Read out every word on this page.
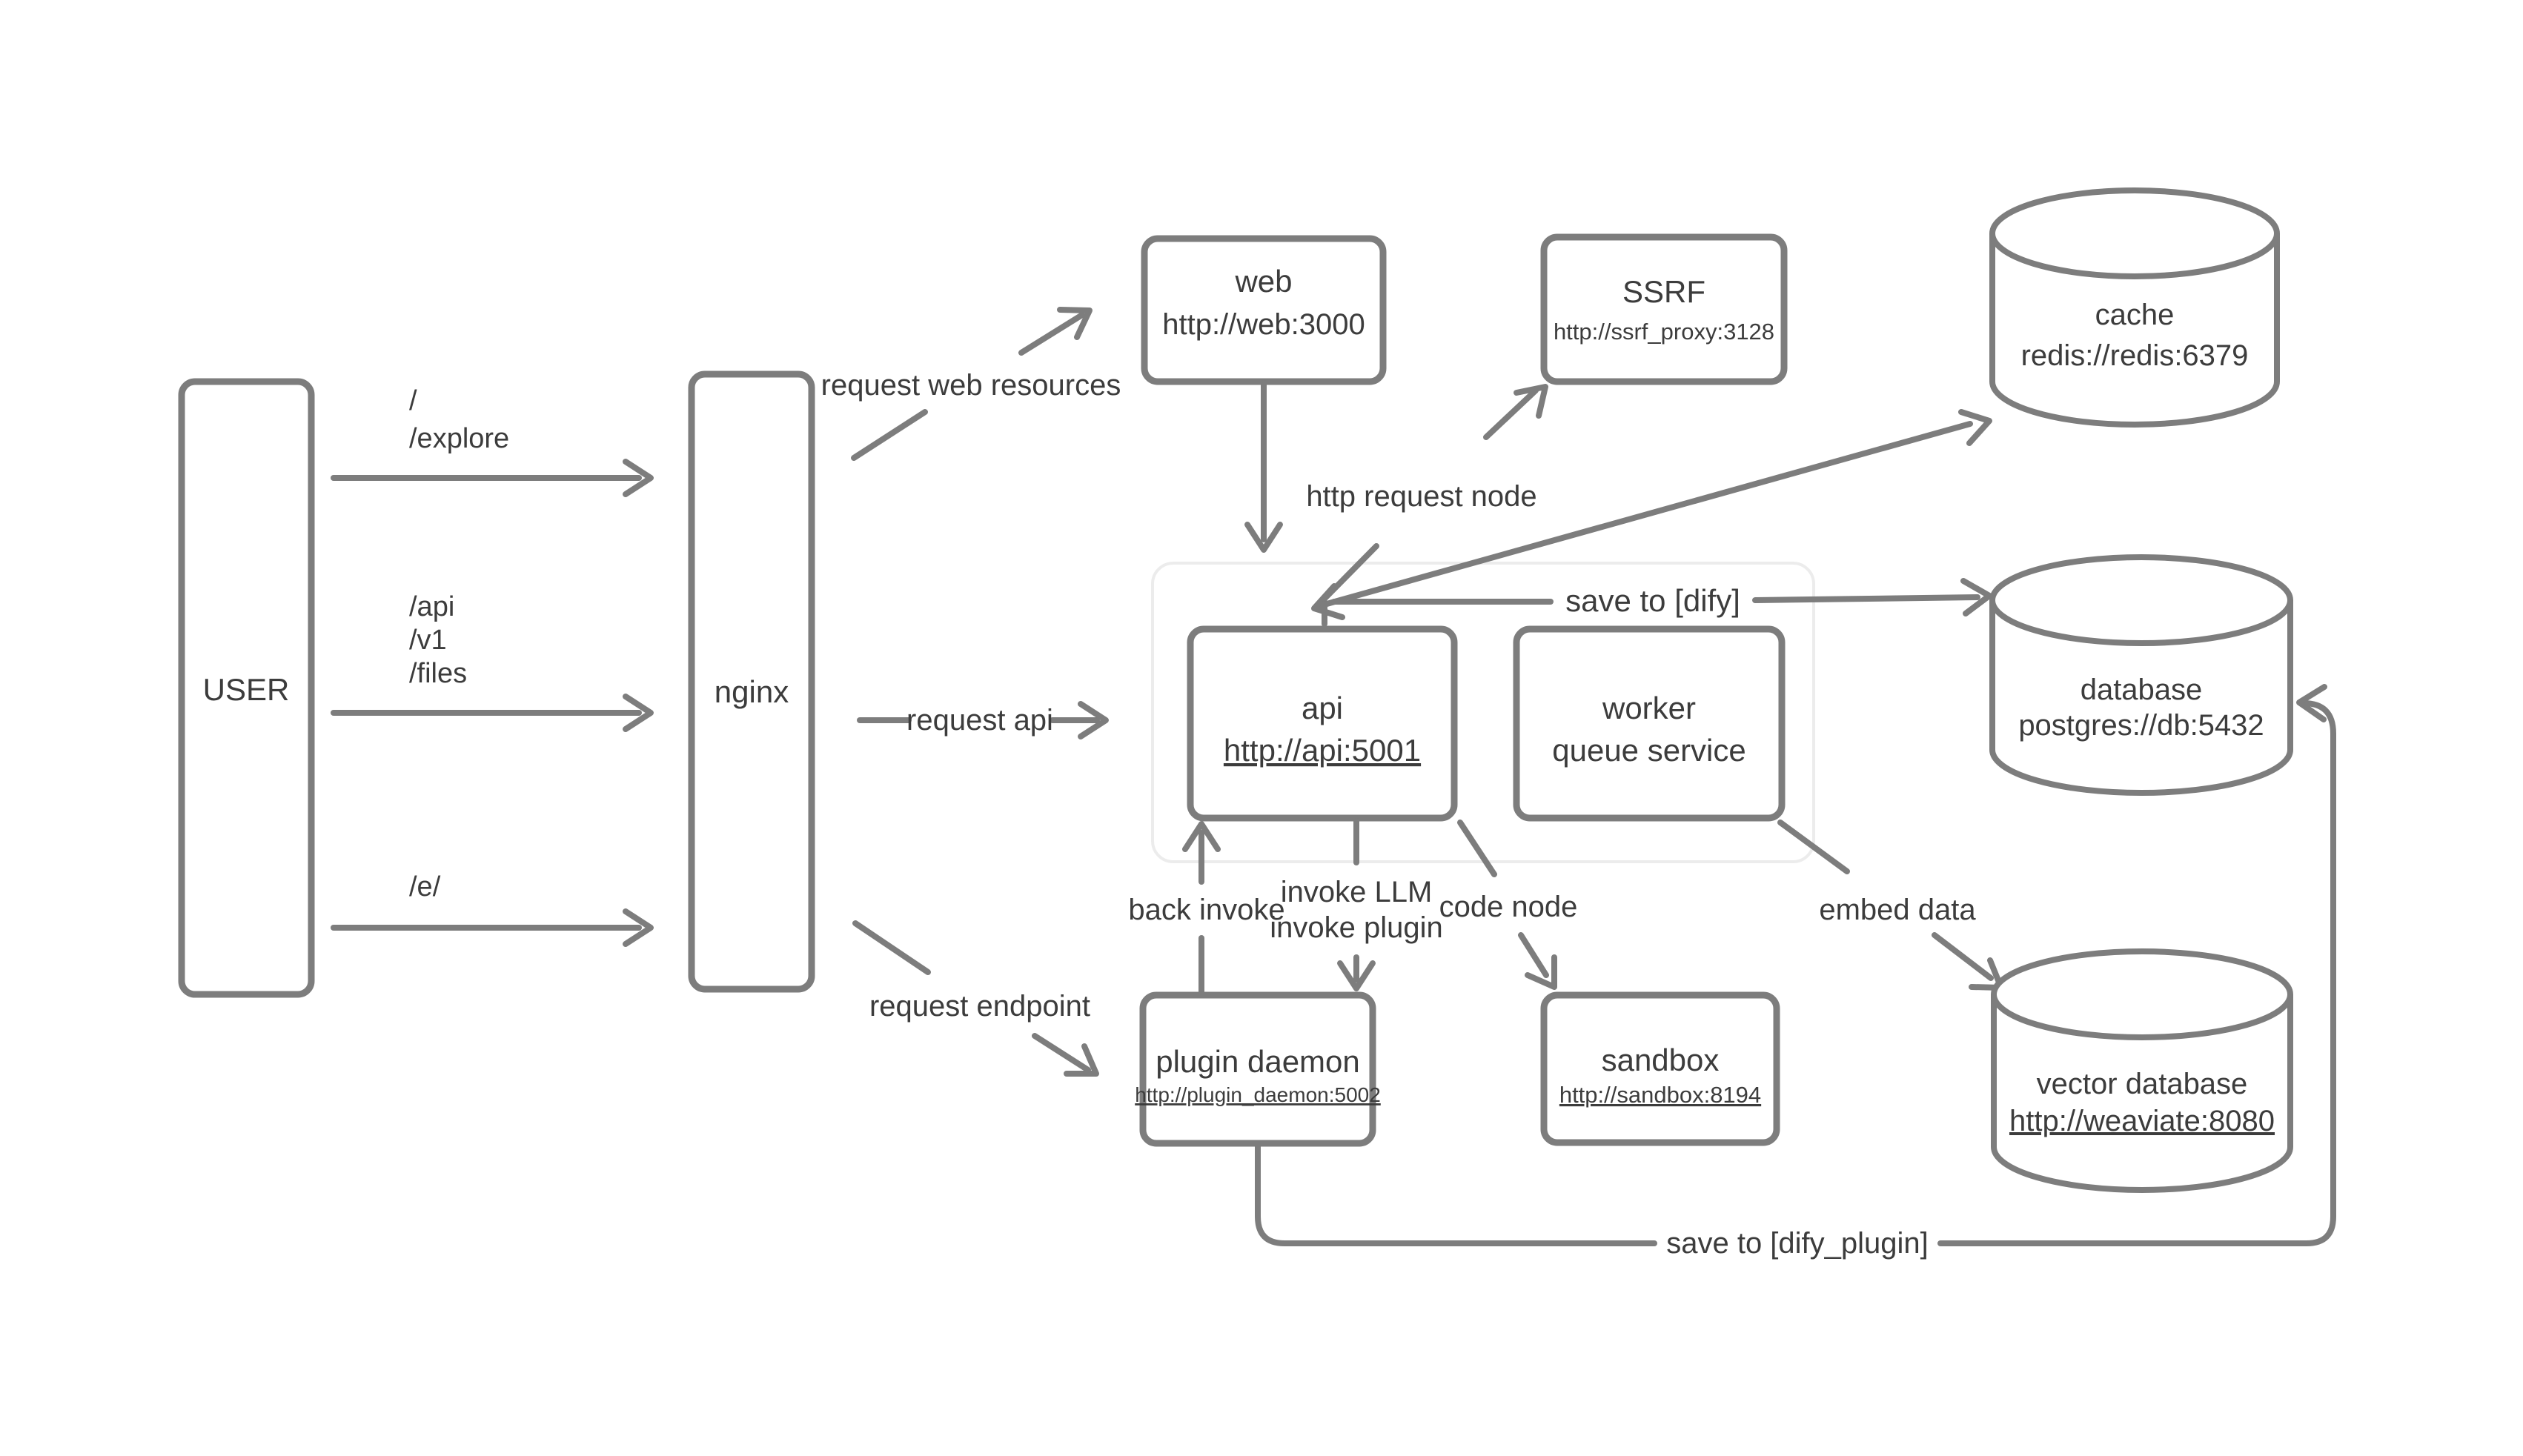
USER	nginx
/
/explore
/api
/v1
/files
/e/
request web resources
request api
request endpoint
web
http://web:3000
SSRF
http://ssrf_proxy:3128
http request node
save to [dify]
api
http://api:5001
worker
queue service
back invoke
invoke LLM
invoke plugin
code node	embed data
plugin daemon
http://plugin_daemon:5002
sandbox
http://sandbox:8194
cache
redis://redis:6379
database
postgres://db:5432
vector database
http://weaviate:8080
save to [dify_plugin]
